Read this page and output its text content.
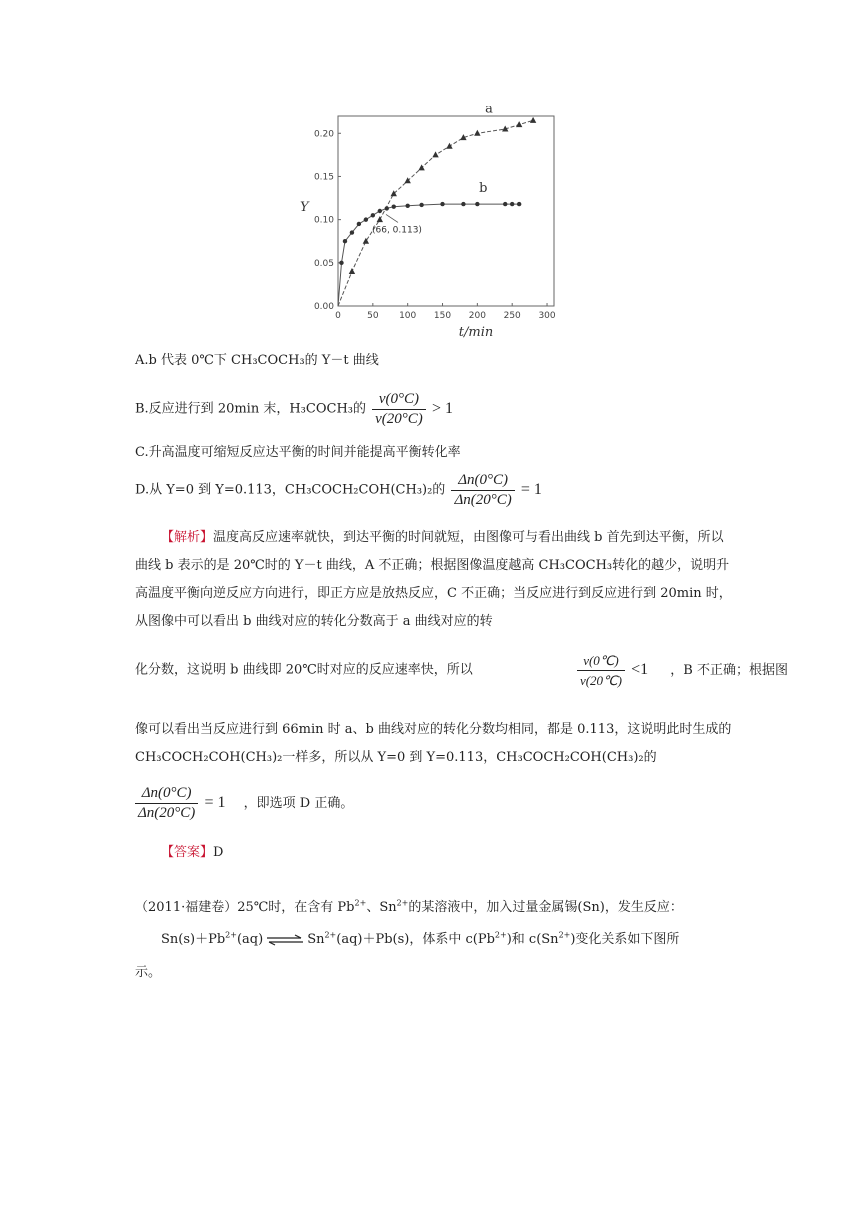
0	50 100 150 200 250 300
0.00
0.05
0.10
0.15
0.20
t/min
Y
a
b
(66, 0.113)
A.b 代表 0℃下 CH₃COCH₃的 Y－t 曲线
B.反应进行到 20min 末，H₃COCH₃的 $\frac{v(0^\circ C)}{v(20^\circ C)} > 1$
C.升高温度可缩短反应达平衡的时间并能提高平衡转化率
D.从 Y=0 到 Y=0.113，CH₃COCH₂COH(CH₃)₂的 $\frac{\Delta n(0^\circ C)}{\Delta n(20^\circ C)} = 1$
【解析】温度高反应速率就快，到达平衡的时间就短，由图像可与看出曲线 b 首先到达平衡，所以曲线 b 表示的是 20℃时的 Y－t 曲线，A 不正确；根据图像温度越高 CH₃COCH₃转化的越少，说明升高温度平衡向逆反应方向进行，即正方应是放热反应，C 不正确；当反应进行到反应进行到 20min 时，从图像中可以看出 b 曲线对应的转化分数高于 a 曲线对应的转
化分数，这说明 b 曲线即 20℃时对应的反应速率快，所以	$\frac{v(0℃)}{v(20℃)} <1$ ，B 不正确；根据图
像可以看出当反应进行到 66min 时 a、b 曲线对应的转化分数均相同，都是 0.113，这说明此时生成的 CH₃COCH₂COH(CH₃)₂一样多，所以从 Y=0 到 Y=0.113，CH₃COCH₂COH(CH₃)₂的
$\frac{\Delta n(0^\circ C)}{\Delta n(20^\circ C)} = 1$ ，即选项 D 正确。
【答案】D
（2011·福建卷）25℃时，在含有 $Pb^{2+}$、$Sn^{2+}$的某溶液中，加入过量金属锡(Sn)，发生反应：
$Sn(s)+Pb^{2+}(aq)$ ⇌ $Sn^{2+}(aq)+Pb(s)$，体系中 $c(Pb^{2+})$和 $c(Sn^{2+})$变化关系如下图所
示。
